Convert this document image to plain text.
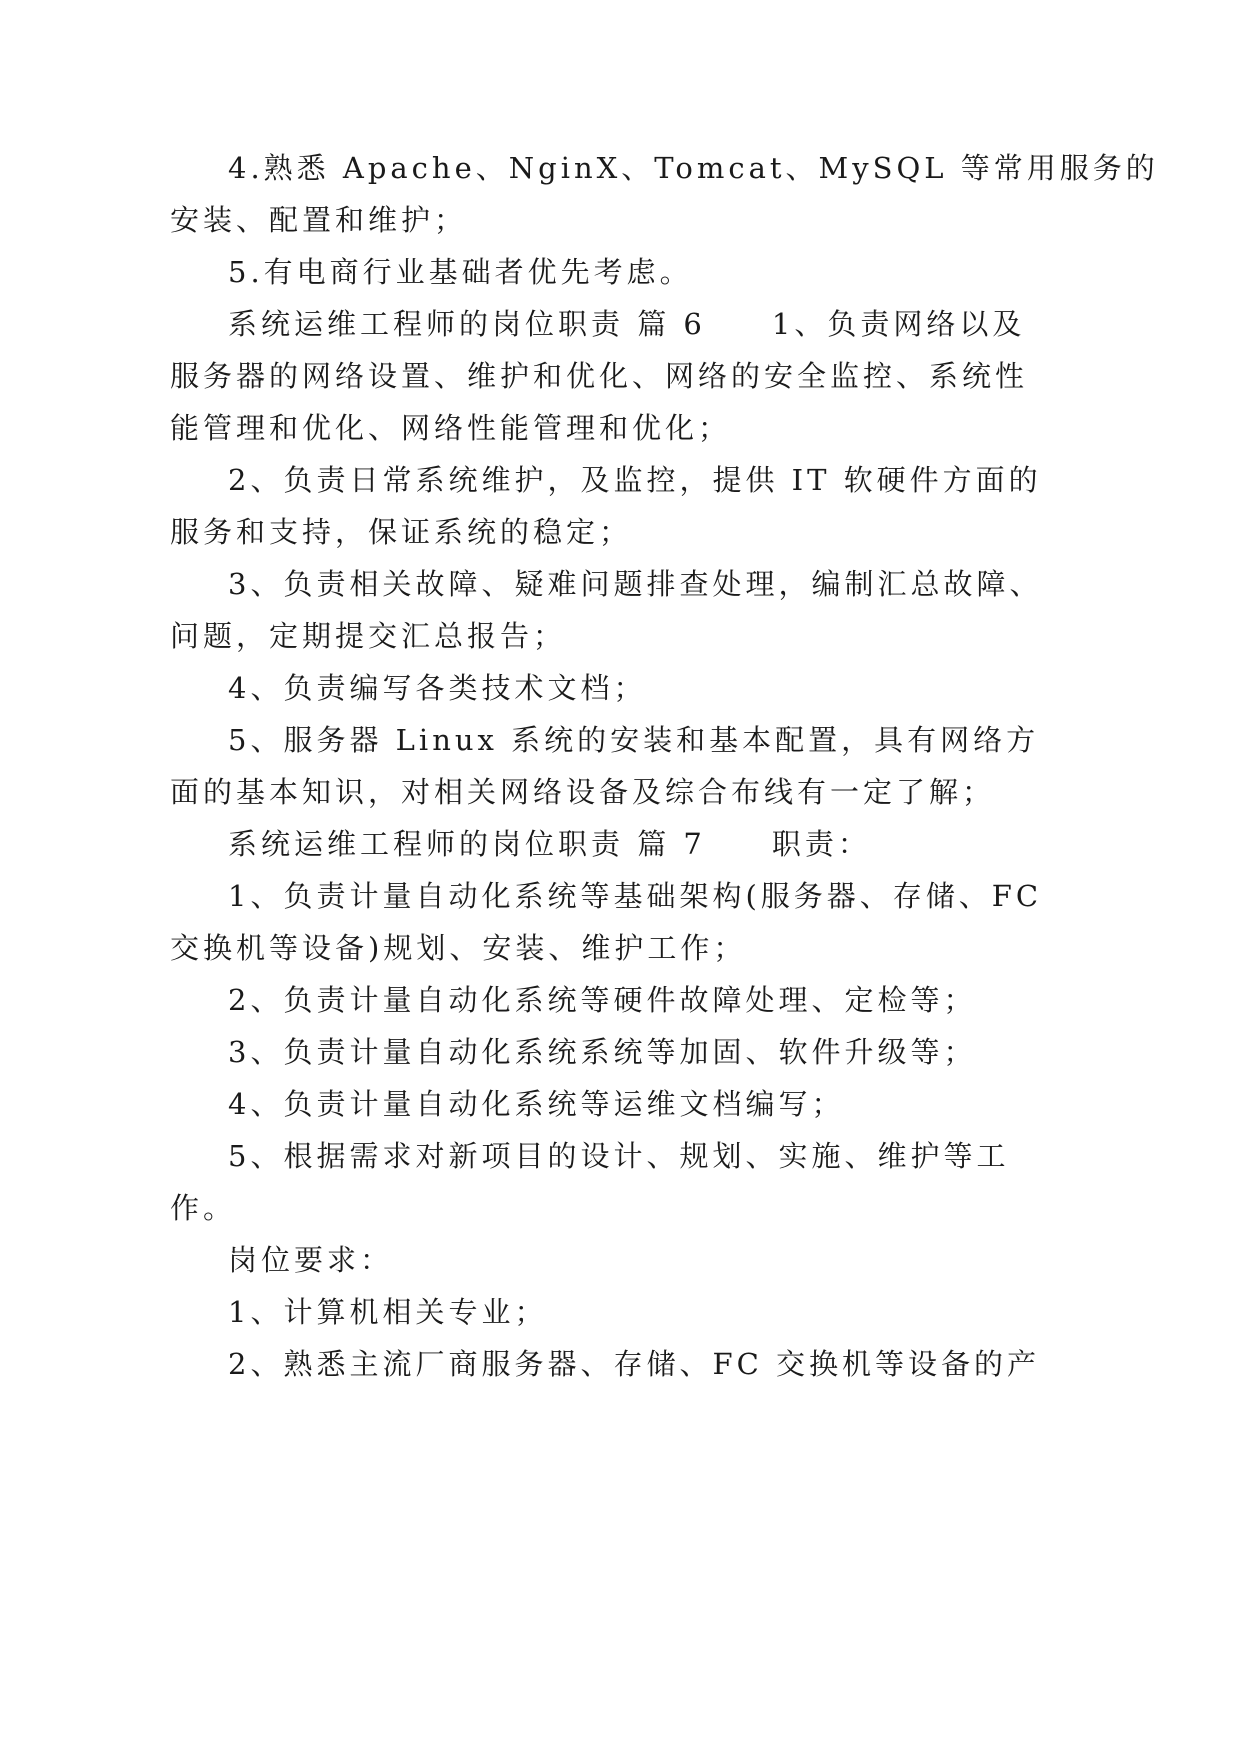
4.熟悉 Apache、NginX、Tomcat、MySQL 等常用服务的
安装、配置和维护；
5.有电商行业基础者优先考虑。
系统运维工程师的岗位职责 篇 6　　1、负责网络以及
服务器的网络设置、维护和优化、网络的安全监控、系统性
能管理和优化、网络性能管理和优化；
2、负责日常系统维护，及监控，提供 IT 软硬件方面的
服务和支持，保证系统的稳定；
3、负责相关故障、疑难问题排查处理，编制汇总故障、
问题，定期提交汇总报告；
4、负责编写各类技术文档；
5、服务器 Linux 系统的安装和基本配置，具有网络方
面的基本知识，对相关网络设备及综合布线有一定了解；
系统运维工程师的岗位职责 篇 7　　职责：
1、负责计量自动化系统等基础架构(服务器、存储、FC
交换机等设备)规划、安装、维护工作；
2、负责计量自动化系统等硬件故障处理、定检等；
3、负责计量自动化系统系统等加固、软件升级等；
4、负责计量自动化系统等运维文档编写；
5、根据需求对新项目的设计、规划、实施、维护等工
作。
岗位要求：
1、计算机相关专业；
2、熟悉主流厂商服务器、存储、FC 交换机等设备的产
